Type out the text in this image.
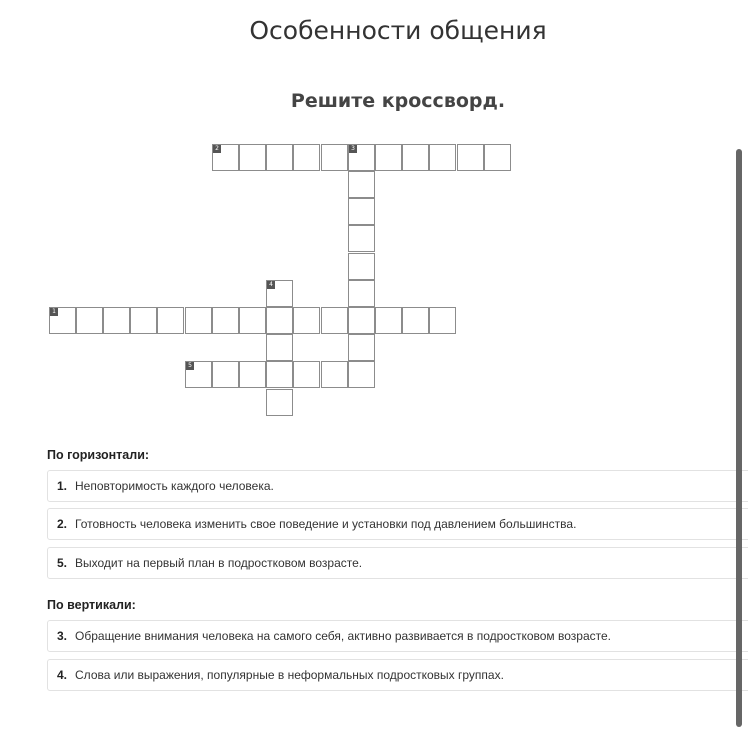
Особенности общения
Решите кроссворд.
2	3
4
1
5
По горизонтали:
1. Неповторимость каждого человека.
2. Готовность человека изменить свое поведение и установки под давлением большинства.
5. Выходит на первый план в подростковом возрасте.
По вертикали:
3. Обращение внимания человека на самого себя, активно развивается в подростковом возрасте.
4. Слова или выражения, популярные в неформальных подростковых группах.
